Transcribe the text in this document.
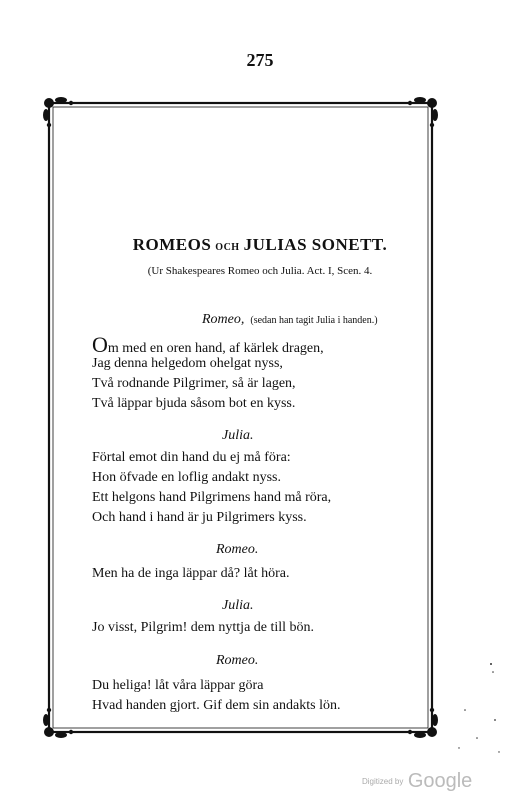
275
ROMEOS OCH JULIAS SONETT.
(Ur Shakespeares Romeo och Julia. Act. I, Scen. 4.
Romeo, (sedan han tagit Julia i handen.)
Om med en oren hand, af kärlek dragen,
Jag denna helgedom ohelgat nyss,
Två rodnande Pilgrimer, så är lagen,
Två läppar bjuda såsom bot en kyss.
Julia.
Förtal emot din hand du ej må föra:
Hon öfvade en loflig andakt nyss.
Ett helgons hand Pilgrimens hand må röra,
Och hand i hand är ju Pilgrimers kyss.
Romeo.
Men ha de inga läppar då? låt höra.
Julia.
Jo visst, Pilgrim! dem nyttja de till bön.
Romeo.
Du heliga! låt våra läppar göra
Hvad handen gjort. Gif dem sin andakts lön.
Digitized by Google
